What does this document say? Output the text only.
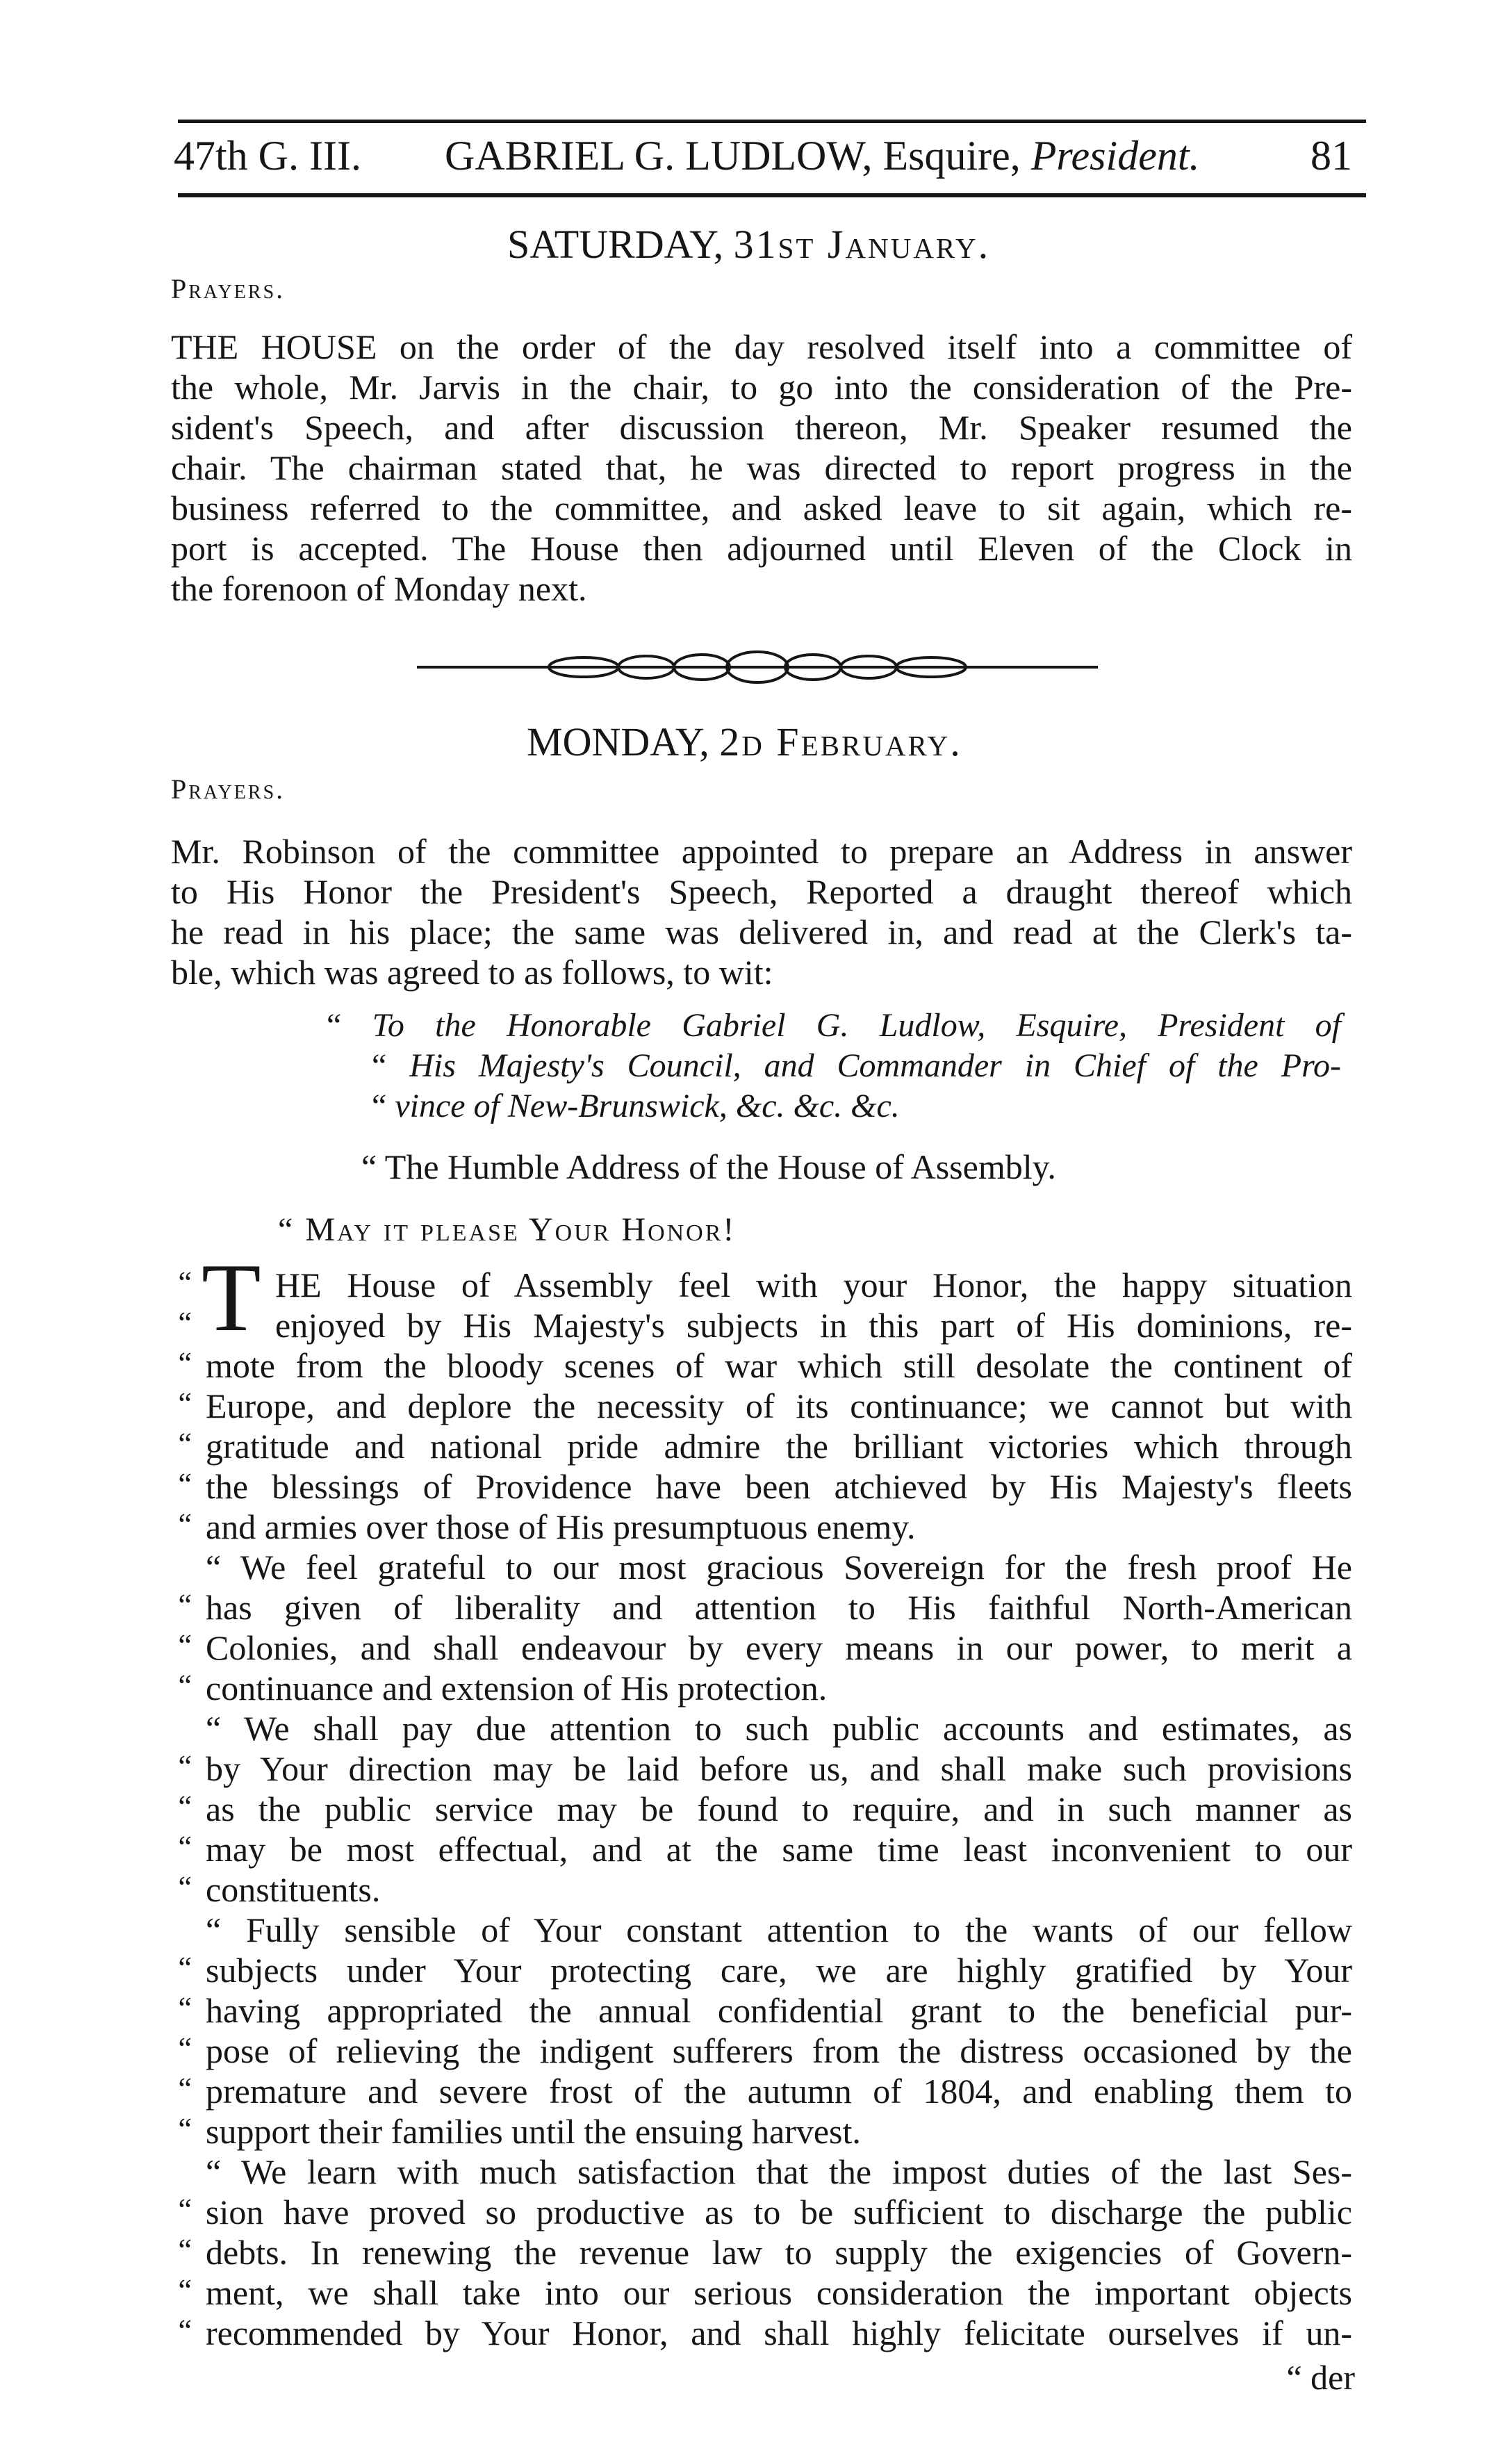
47th G. III. GABRIEL G. LUDLOW, Esquire, President.	81
SATURDAY, 31st January.
Prayers.
THE HOUSE on the order of the day resolved itself into a committee of
the whole, Mr. Jarvis in the chair, to go into the consideration of the Pre-
sident's Speech, and after discussion thereon, Mr. Speaker resumed the
chair. The chairman stated that, he was directed to report progress in the
business referred to the committee, and asked leave to sit again, which re-
port is accepted. The House then adjourned until Eleven of the Clock in
the forenoon of Monday next.
MONDAY, 2d February.
Prayers.
Mr. Robinson of the committee appointed to prepare an Address in answer
to His Honor the President's Speech, Reported a draught thereof which
he read in his place; the same was delivered in, and read at the Clerk's ta-
ble, which was agreed to as follows, to wit:
“ To the Honorable Gabriel G. Ludlow, Esquire, President of
“ His Majesty's Council, and Commander in Chief of the Pro-
“ vince of New-Brunswick, &c. &c. &c.
“ The Humble Address of the House of Assembly.
“ May it please Your Honor!
T
“ HE House of Assembly feel with your Honor, the happy situation
“ enjoyed by His Majesty's subjects in this part of His dominions, re-
“ mote from the bloody scenes of war which still desolate the continent of
“ Europe, and deplore the necessity of its continuance; we cannot but with
“ gratitude and national pride admire the brilliant victories which through
“ the blessings of Providence have been atchieved by His Majesty's fleets
“ and armies over those of His presumptuous enemy.
“ We feel grateful to our most gracious Sovereign for the fresh proof He
“ has given of liberality and attention to His faithful North-American
“ Colonies, and shall endeavour by every means in our power, to merit a
“ continuance and extension of His protection.
“ We shall pay due attention to such public accounts and estimates, as
“ by Your direction may be laid before us, and shall make such provisions
“ as the public service may be found to require, and in such manner as
“ may be most effectual, and at the same time least inconvenient to our
“ constituents.
“ Fully sensible of Your constant attention to the wants of our fellow
“ subjects under Your protecting care, we are highly gratified by Your
“ having appropriated the annual confidential grant to the beneficial pur-
“ pose of relieving the indigent sufferers from the distress occasioned by the
“ premature and severe frost of the autumn of 1804, and enabling them to
“ support their families until the ensuing harvest.
“ We learn with much satisfaction that the impost duties of the last Ses-
“ sion have proved so productive as to be sufficient to discharge the public
“ debts. In renewing the revenue law to supply the exigencies of Govern-
“ ment, we shall take into our serious consideration the important objects
“ recommended by Your Honor, and shall highly felicitate ourselves if un-
“ der
